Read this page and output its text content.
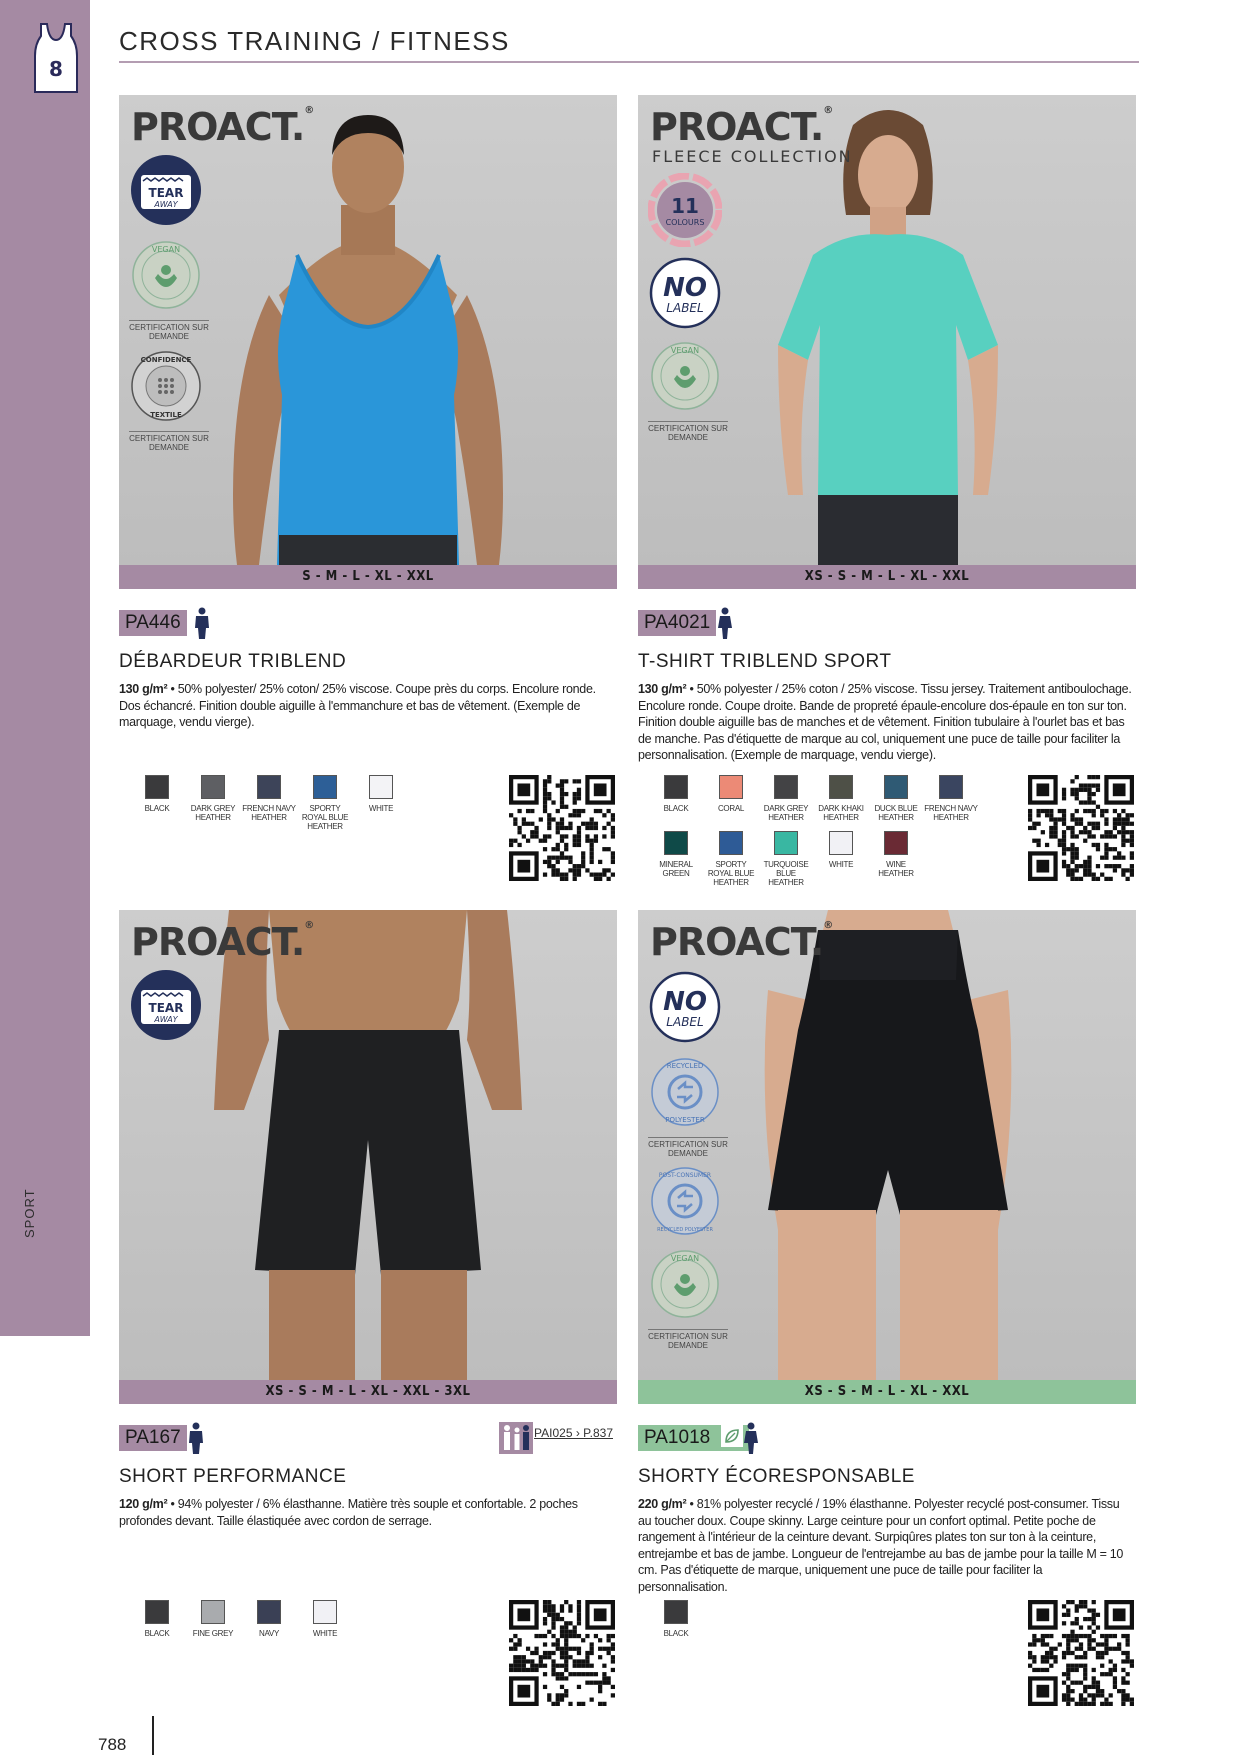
8
SPORT
CROSS TRAINING / FITNESS
PROACT.®
TEAR
AWAY

VEGAN
CERTIFICATION SUR DEMANDE
CONFIDENCE
TEXTILE
CERTIFICATION SUR DEMANDE
S - M - L - XL - XXL
PA446
DÉBARDEUR TRIBLEND
130 g/m² • 50% polyester/ 25% coton/ 25% viscose. Coupe près du corps. Encolure ronde. Dos échancré. Finition double aiguille à l'emmanchure et bas de vêtement. (Exemple de marquage, vendu vierge).
BLACK	DARK GREY HEATHER
FRENCH NAVY HEATHER
SPORTY ROYAL BLUE HEATHER
WHITE
PROACT.®
FLEECE COLLECTION
11
COLOURS

NO
LABEL

VEGAN
CERTIFICATION SUR DEMANDE
XS - S - M - L - XL - XXL
PA4021
T-SHIRT TRIBLEND SPORT
130 g/m² • 50% polyester / 25% coton / 25% viscose. Tissu jersey. Traitement antiboulochage. Encolure ronde. Coupe droite. Bande de propreté épaule-encolure dos-épaule en ton sur ton. Finition double aiguille bas de manches et de vêtement. Finition tubulaire à l'ourlet bas et bas de manche. Pas d'étiquette de marque au col, uniquement une puce de taille pour faciliter la personnalisation. (Exemple de marquage, vendu vierge).
BLACK	CORAL	DARK GREY HEATHER
DARK KHAKI HEATHER
DUCK BLUE HEATHER
FRENCH NAVY HEATHER
MINERAL GREEN
SPORTY ROYAL BLUE HEATHER
TURQUOISE BLUE HEATHER
WHITE	WINE HEATHER
PROACT.®
TEAR
AWAY
XS - S - M - L - XL - XXL - 3XL
PA167	PAI025 › P.837
SHORT PERFORMANCE
120 g/m² • 94% polyester / 6% élasthanne. Matière très souple et confortable. 2 poches profondes devant. Taille élastiquée avec cordon de serrage.
BLACK	FINE GREY	NAVY	WHITE
PROACT.®
NO
LABEL

RECYCLED
POLYESTER
CERTIFICATION SUR DEMANDE
POST-CONSUMER
RECYCLED POLYESTER

VEGAN
CERTIFICATION SUR DEMANDE
XS - S - M - L - XL - XXL
PA1018
SHORTY ÉCORESPONSABLE
220 g/m² • 81% polyester recyclé / 19% élasthanne. Polyester recyclé post-consumer. Tissu au toucher doux. Coupe skinny. Large ceinture pour un confort optimal. Petite poche de rangement à l'intérieur de la ceinture devant. Surpiqûres plates ton sur ton à la ceinture, entrejambe et bas de jambe. Longueur de l'entrejambe au bas de jambe pour la taille M = 10 cm. Pas d'étiquette de marque, uniquement une puce de taille pour faciliter la personnalisation.
BLACK
788
